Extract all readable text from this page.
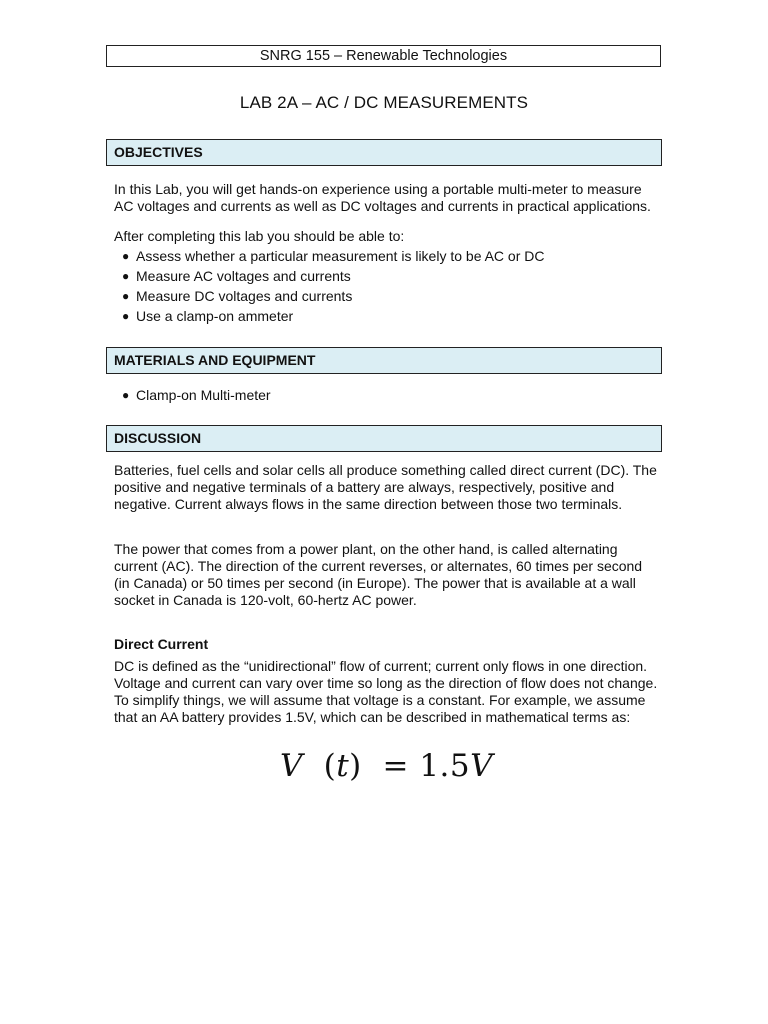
SNRG 155 – Renewable Technologies
LAB 2A – AC / DC MEASUREMENTS
OBJECTIVES

In this Lab, you will get hands-on experience using a portable multi-meter to measure AC voltages and currents as well as DC voltages and currents in practical applications.

After completing this lab you should be able to:

● Assess whether a particular measurement is likely to be AC or DC
● Measure AC voltages and currents
● Measure DC voltages and currents
● Use a clamp-on ammeter
MATERIALS AND EQUIPMENT
● Clamp-on Multi-meter
DISCUSSION

Batteries, fuel cells and solar cells all produce something called direct current (DC). The positive and negative terminals of a battery are always, respectively, positive and negative. Current always flows in the same direction between those two terminals.

The power that comes from a power plant, on the other hand, is called alternating current (AC). The direction of the current reverses, or alternates, 60 times per second (in Canada) or 50 times per second (in Europe). The power that is available at a wall socket in Canada is 120-volt, 60-hertz AC power.

Direct Current

DC is defined as the “unidirectional” flow of current; current only flows in one direction. Voltage and current can vary over time so long as the direction of flow does not change. To simplify things, we will assume that voltage is a constant. For example, we assume that an AA battery provides 1.5V, which can be described in mathematical terms as:

V  (t)  = 1.5V
